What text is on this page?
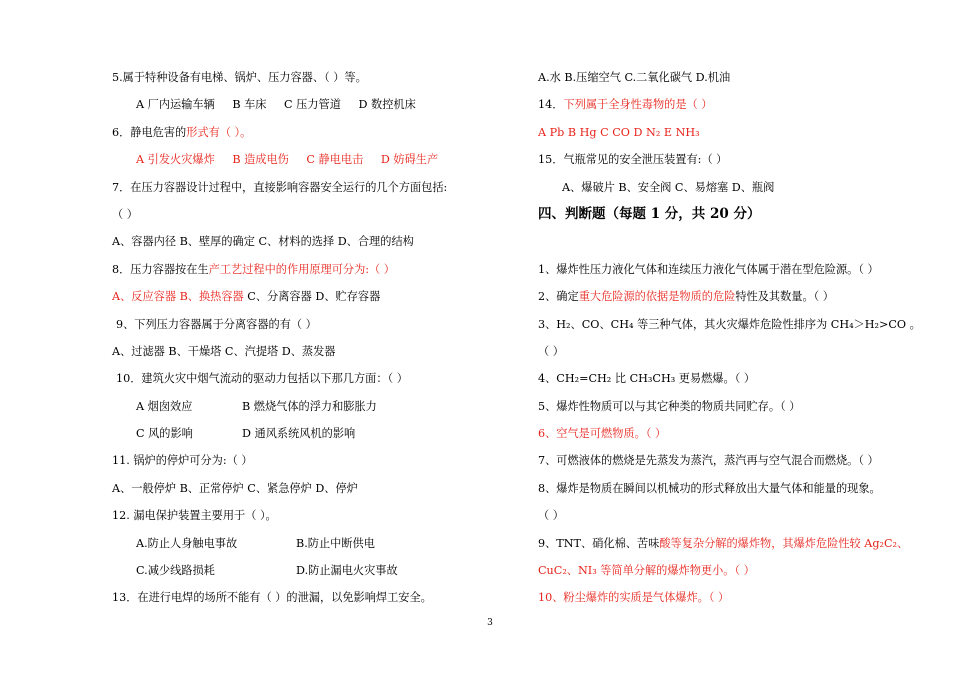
5.属于特种设备有电梯、锅炉、压力容器、（ ）等。
A 厂内运输车辆 B 车床 C 压力管道 D 数控机床
6．静电危害的形式有（ ）。
A 引发火灾爆炸 B 造成电伤 C 静电电击 D 妨碍生产
7．在压力容器设计过程中，直接影响容器安全运行的几个方面包括:
（ ）
A、容器内径 B、壁厚的确定 C、材料的选择 D、合理的结构
8．压力容器按在生产工艺过程中的作用原理可分为:（ ）
A、反应容器 B、换热容器 C、分离容器 D、贮存容器
9、下列压力容器属于分离容器的有（ ）
A、过滤器 B、干燥塔 C、汽提塔 D、蒸发器
10．建筑火灾中烟气流动的驱动力包括以下那几方面：（ ）
A 烟囱效应	B 燃烧气体的浮力和膨胀力
C 风的影响	D 通风系统风机的影响
11. 锅炉的停炉可分为:（ ）
A、一般停炉 B、正常停炉 C、紧急停炉 D、停炉
12. 漏电保护装置主要用于（ ）。
A.防止人身触电事故	B.防止中断供电
C.减少线路损耗	D.防止漏电火灾事故
13．在进行电焊的场所不能有（ ）的泄漏，以免影响焊工安全。
A.水 B.压缩空气 C.二氧化碳气 D.机油
14．下列属于全身性毒物的是（ ）
A Pb B Hg C CO D N₂ E NH₃
15．气瓶常见的安全泄压装置有:（ ）
A、爆破片 B、安全阀 C、易熔塞 D、瓶阀
四、判断题（每题 1 分，共 20 分）
1、爆炸性压力液化气体和连续压力液化气体属于潜在型危险源。（ ）
2、确定重大危险源的依据是物质的危险特性及其数量。（ ）
3、H₂、CO、CH₄ 等三种气体，其火灾爆炸危险性排序为 CH₄＞H₂>CO 。
（ ）
4、CH₂=CH₂ 比 CH₃CH₃ 更易燃爆。（ ）
5、爆炸性物质可以与其它种类的物质共同贮存。（ ）
6、空气是可燃物质。（ ）
7、可燃液体的燃烧是先蒸发为蒸汽，蒸汽再与空气混合而燃烧。（ ）
8、爆炸是物质在瞬间以机械功的形式释放出大量气体和能量的现象。
（ ）
9、TNT、硝化棉、苦味酸等复杂分解的爆炸物，其爆炸危险性较 Ag₂C₂、
CuC₂、NI₃ 等简单分解的爆炸物更小。（ ）
10、粉尘爆炸的实质是气体爆炸。（ ）
3
